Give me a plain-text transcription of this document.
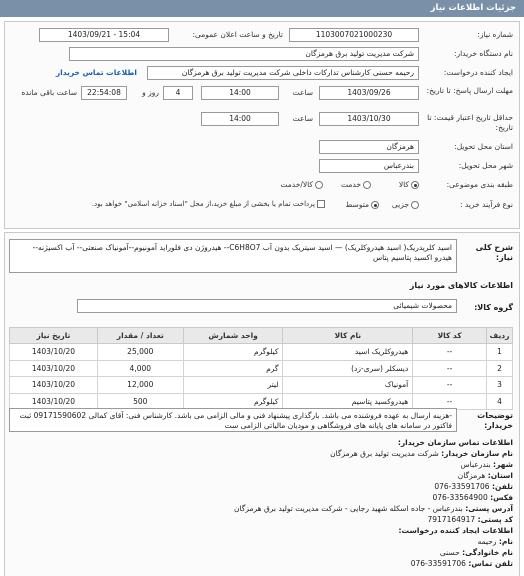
جزئیات اطلاعات نیاز
شماره نیاز:
1103007021000230
تاریخ و ساعت اعلان عمومی:
1403/09/21 - 15:04
نام دستگاه خریدار:
شرکت مدیریت تولید برق هرمزگان
ایجاد کننده درخواست:
رحیمه حسنی کارشناس تدارکات داخلی شرکت مدیریت تولید برق هرمزگان
اطلاعات تماس خریدار
مهلت ارسال پاسخ: تا تاریخ:
1403/09/26
ساعت
14:00
4
روز و
22:54:08
ساعت باقی مانده
حداقل تاریخ اعتبار قیمت: تا تاریخ:
1403/10/30
ساعت
14:00
استان محل تحویل:
هرمزگان
شهر محل تحویل:
بندرعباس
طبقه بندی موضوعی:
کالا
خدمت
کالا/خدمت
نوع فرآیند خرید :
جزیی
متوسط
پرداخت تمام یا بخشی از مبلغ خرید،از محل "اسناد خزانه اسلامی" خواهد بود.
شرح کلی نیاز:
اسید کلریدریک( اسید هیدروکلریک) — اسید سیتریک بدون آب C6H8O7-- هیدروژن دی فلوراید آمونیوم--آمونیاک صنعتی-- آب اکسیژنه-- هیدرو اکسید پتاسیم پتاس
اطلاعات کالاهای مورد نیاز
گروه کالا:
محصولات شیمیائی
ردیف	کد کالا	نام کالا	واحد شمارش	تعداد / مقدار	تاریخ نیاز
1	--	هیدروکلریک اسید	کیلوگرم	25,000	1403/10/20
2	--	دیسکلر (سری-زد)	گرم	4,000	1403/10/20
3	--	آمونیاک	لیتر	12,000	1403/10/20
4	--	هیدروکسید پتاسیم	کیلوگرم	500	1403/10/20
توضیحات خریدار:
-هزینه ارسال به عهده فروشنده می باشد. بارگذاری پیشنهاد فنی و مالی الزامی می باشد. کارشناس فنی: آقای کمالی 09171590602 ثبت فاکتور در سامانه های پایانه های فروشگاهی و مودیان مالیاتی الزامی ست
اطلاعات تماس سازمان خریدار:
نام سازمان خریدار: شرکت مدیریت تولید برق هرمزگان
شهر: بندرعباس
استان: هرمزگان
تلفن: 33591706-076
فکس: 33564900-076
آدرس پستی: بندرعباس - جاده اسکله شهید رجایی - شرکت مدیریت تولید برق هرمزگان
کد پستی: 7917164917
اطلاعات ایجاد کننده درخواست:
نام: رحیمه
نام خانوادگی: حسنی
تلفن تماس: 33591706-076
